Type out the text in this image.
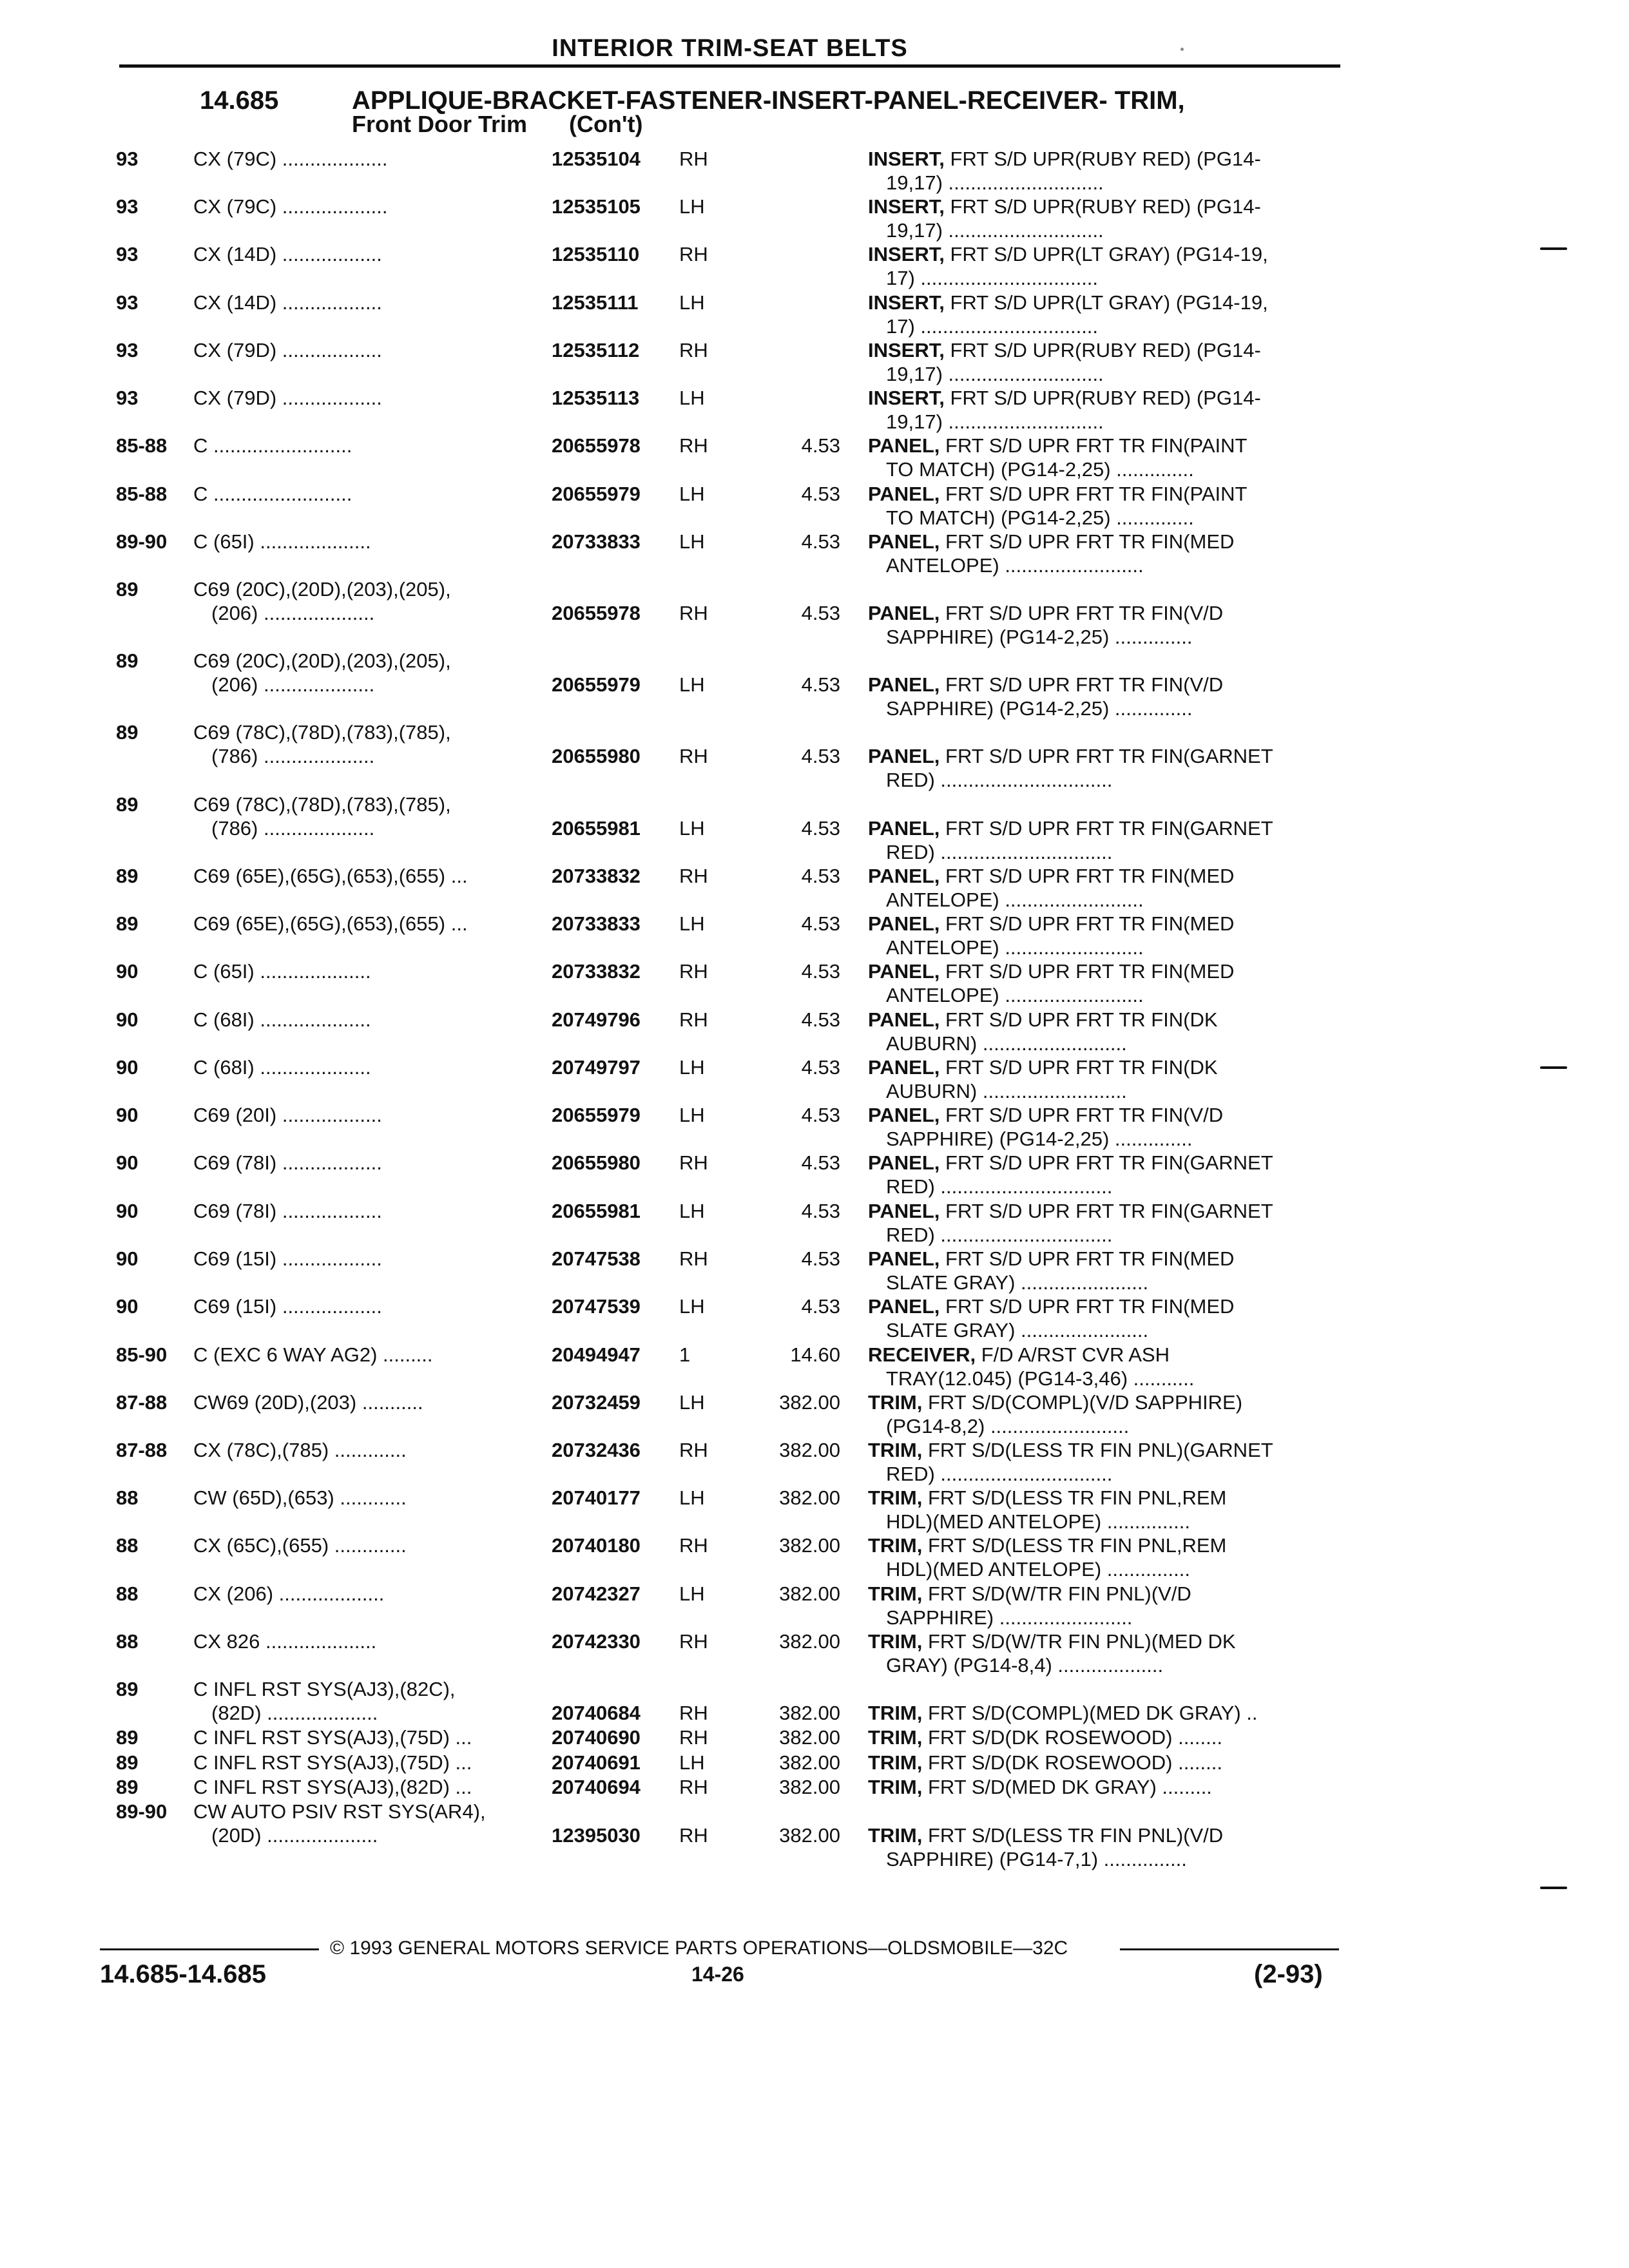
INTERIOR TRIM-SEAT BELTS
14.685	APPLIQUE-BRACKET-FASTENER-INSERT-PANEL-RECEIVER- TRIM,
Front Door Trim (Con't)
93	CX (79C) ...................	12535104 RH	INSERT, FRT S/D UPR(RUBY RED) (PG14-
19,17) ............................
93	CX (79C) ...................	12535105 LH	INSERT, FRT S/D UPR(RUBY RED) (PG14-
19,17) ............................
93	CX (14D) ..................	12535110 RH	INSERT, FRT S/D UPR(LT GRAY) (PG14-19,
17) ................................
93	CX (14D) ..................	12535111 LH	INSERT, FRT S/D UPR(LT GRAY) (PG14-19,
17) ................................
93	CX (79D) ..................	12535112 RH	INSERT, FRT S/D UPR(RUBY RED) (PG14-
19,17) ............................
93	CX (79D) ..................	12535113 LH	INSERT, FRT S/D UPR(RUBY RED) (PG14-
19,17) ............................
85-88 C .........................	20655978 RH	4.53 PANEL, FRT S/D UPR FRT TR FIN(PAINT
TO MATCH) (PG14-2,25) ..............
85-88 C .........................	20655979 LH	4.53 PANEL, FRT S/D UPR FRT TR FIN(PAINT
TO MATCH) (PG14-2,25) ..............
89-90 C (65I) ....................	20733833 LH	4.53 PANEL, FRT S/D UPR FRT TR FIN(MED
ANTELOPE) .........................
89	C69 (20C),(20D),(203),(205),
(206) ....................	20655978 RH	4.53 PANEL, FRT S/D UPR FRT TR FIN(V/D
SAPPHIRE) (PG14-2,25) ..............
89	C69 (20C),(20D),(203),(205),
(206) ....................	20655979 LH	4.53 PANEL, FRT S/D UPR FRT TR FIN(V/D
SAPPHIRE) (PG14-2,25) ..............
89	C69 (78C),(78D),(783),(785),
(786) ....................	20655980 RH	4.53 PANEL, FRT S/D UPR FRT TR FIN(GARNET
RED) ...............................
89	C69 (78C),(78D),(783),(785),
(786) ....................	20655981 LH	4.53 PANEL, FRT S/D UPR FRT TR FIN(GARNET
RED) ...............................
89	C69 (65E),(65G),(653),(655) ...	20733832 RH	4.53 PANEL, FRT S/D UPR FRT TR FIN(MED
ANTELOPE) .........................
89	C69 (65E),(65G),(653),(655) ...	20733833 LH	4.53 PANEL, FRT S/D UPR FRT TR FIN(MED
ANTELOPE) .........................
90	C (65I) ....................	20733832 RH	4.53 PANEL, FRT S/D UPR FRT TR FIN(MED
ANTELOPE) .........................
90	C (68I) ....................	20749796 RH	4.53 PANEL, FRT S/D UPR FRT TR FIN(DK
AUBURN) ..........................
90	C (68I) ....................	20749797 LH	4.53 PANEL, FRT S/D UPR FRT TR FIN(DK
AUBURN) ..........................
90	C69 (20I) ..................	20655979 LH	4.53 PANEL, FRT S/D UPR FRT TR FIN(V/D
SAPPHIRE) (PG14-2,25) ..............
90	C69 (78I) ..................	20655980 RH	4.53 PANEL, FRT S/D UPR FRT TR FIN(GARNET
RED) ...............................
90	C69 (78I) ..................	20655981 LH	4.53 PANEL, FRT S/D UPR FRT TR FIN(GARNET
RED) ...............................
90	C69 (15I) ..................	20747538 RH	4.53 PANEL, FRT S/D UPR FRT TR FIN(MED
SLATE GRAY) .......................
90	C69 (15I) ..................	20747539 LH	4.53 PANEL, FRT S/D UPR FRT TR FIN(MED
SLATE GRAY) .......................
85-90 C (EXC 6 WAY AG2) .........	20494947 1	14.60 RECEIVER, F/D A/RST CVR ASH
TRAY(12.045) (PG14-3,46) ...........
87-88 CW69 (20D),(203) ...........	20732459 LH	382.00 TRIM, FRT S/D(COMPL)(V/D SAPPHIRE)
(PG14-8,2) .........................
87-88 CX (78C),(785) .............	20732436 RH	382.00 TRIM, FRT S/D(LESS TR FIN PNL)(GARNET
RED) ...............................
88	CW (65D),(653) ............	20740177 LH	382.00 TRIM, FRT S/D(LESS TR FIN PNL,REM
HDL)(MED ANTELOPE) ...............
88	CX (65C),(655) .............	20740180 RH	382.00 TRIM, FRT S/D(LESS TR FIN PNL,REM
HDL)(MED ANTELOPE) ...............
88	CX (206) ...................	20742327 LH	382.00 TRIM, FRT S/D(W/TR FIN PNL)(V/D
SAPPHIRE) ........................
88	CX 826 ....................	20742330 RH	382.00 TRIM, FRT S/D(W/TR FIN PNL)(MED DK
GRAY) (PG14-8,4) ...................
89	C INFL RST SYS(AJ3),(82C),
(82D) ....................	20740684 RH	382.00 TRIM, FRT S/D(COMPL)(MED DK GRAY) ..
89	C INFL RST SYS(AJ3),(75D) ...	20740690 RH	382.00 TRIM, FRT S/D(DK ROSEWOOD) ........
89	C INFL RST SYS(AJ3),(75D) ...	20740691 LH	382.00 TRIM, FRT S/D(DK ROSEWOOD) ........
89	C INFL RST SYS(AJ3),(82D) ...	20740694 RH	382.00 TRIM, FRT S/D(MED DK GRAY) .........
89-90 CW AUTO PSIV RST SYS(AR4),
(20D) ....................	12395030 RH	382.00 TRIM, FRT S/D(LESS TR FIN PNL)(V/D
SAPPHIRE) (PG14-7,1) ...............
© 1993 GENERAL MOTORS SERVICE PARTS OPERATIONS—OLDSMOBILE—32C
14.685-14.685	14-26	(2-93)
